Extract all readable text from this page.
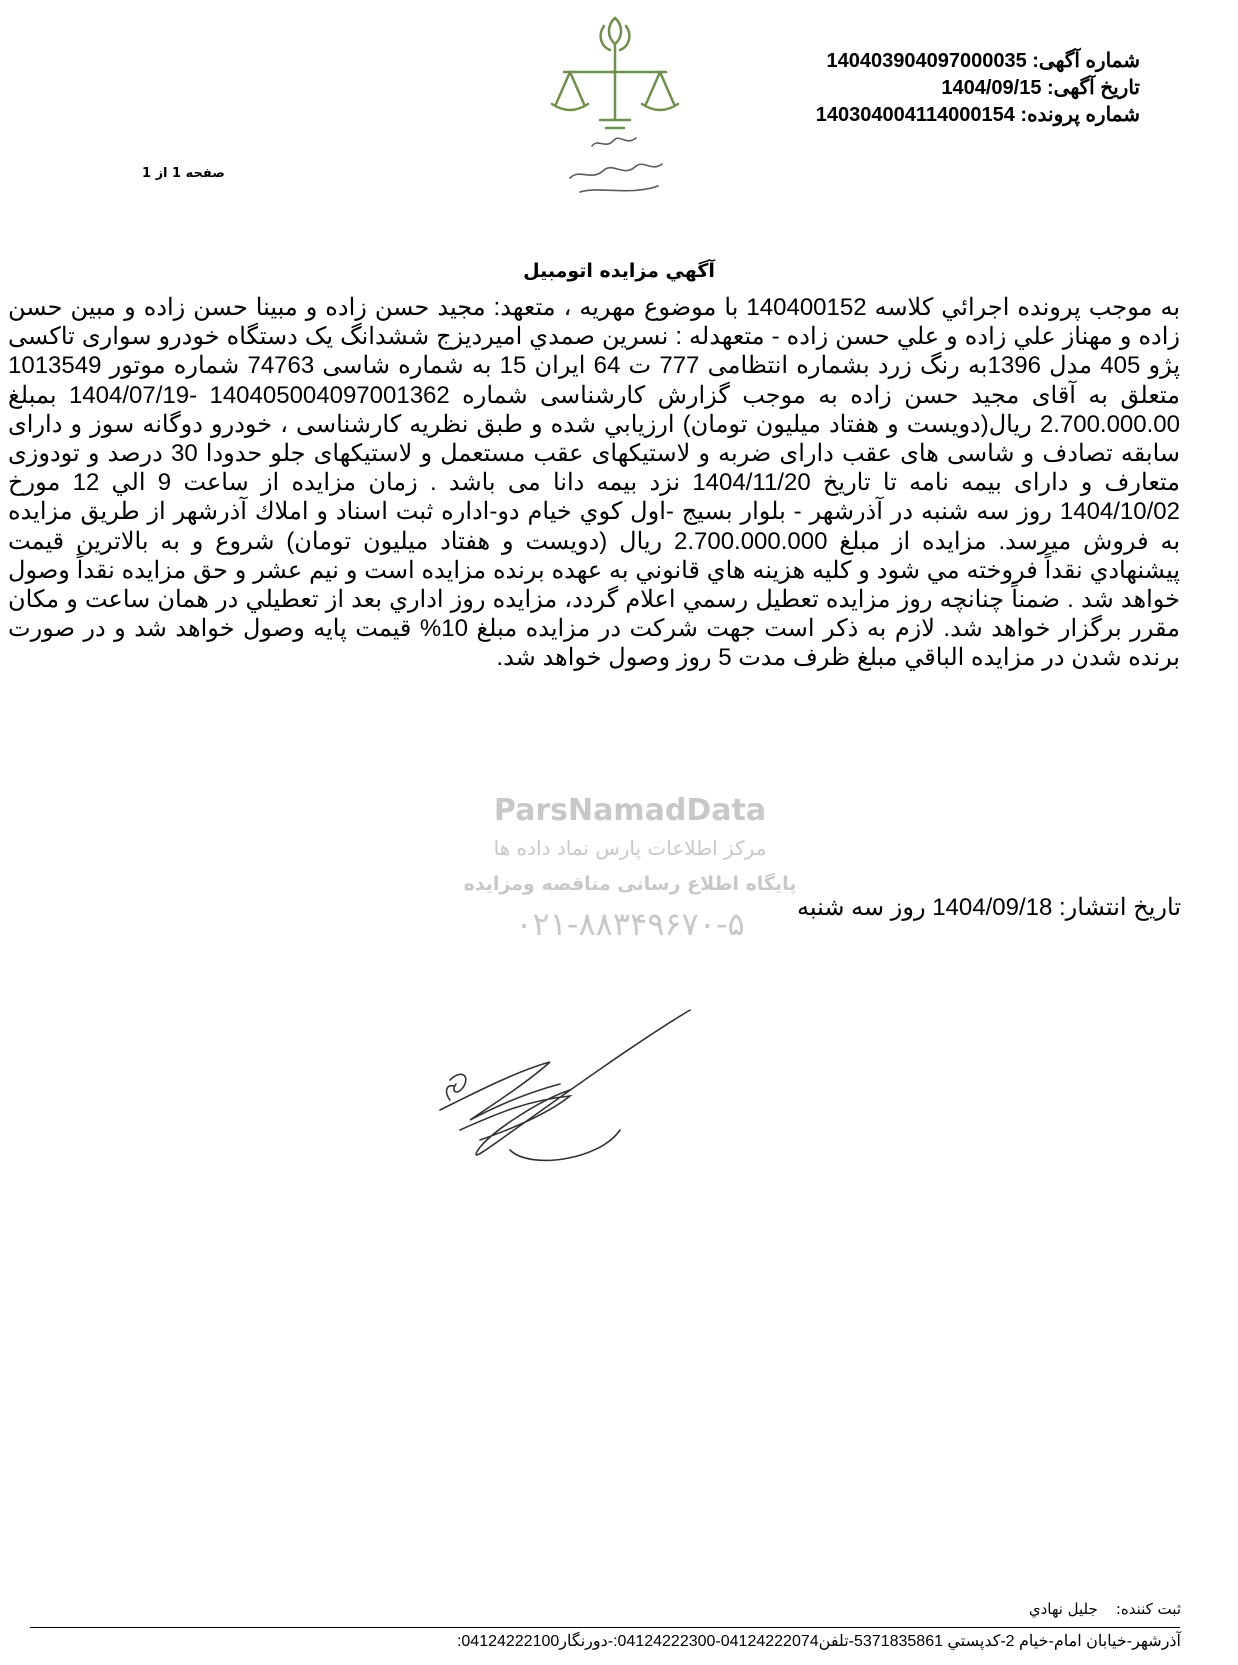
شماره آگهی: 140403904097000035
تاریخ آگهی: 1404/09/15
شماره پرونده: 140304004114000154
صفحه 1 از 1
ParsNamadData
مرکز اطلاعات پارس نماد داده ها
پایگاه اطلاع رسانی مناقصه ومزایده
۰۲۱-۸۸۳۴۹۶۷۰-۵
آگهي مزايده اتومبيل
به موجب پرونده اجرائي كلاسه 140400152 با موضوع مهریه ، متعهد: مجید حسن زاده و مبینا حسن زاده و مبین حسن زاده و مهناز علي زاده و علي حسن زاده - متعهدله : نسرين صمدي اميرديزج ششدانگ یک دستگاه خودرو سواری تاکسی پژو 405 مدل 1396به رنگ زرد بشماره انتظامی 777 ت 64 ایران 15 به شماره شاسی 74763 شماره موتور 1013549 متعلق به آقای مجید حسن زاده به موجب گزارش کارشناسی شماره 140405004097001362 -1404/07/19 بمبلغ 2.700.000.00 ريال(دویست و هفتاد میلیون تومان) ارزيابي شده و طبق نظریه کارشناسی ، خودرو دوگانه سوز و دارای سابقه تصادف و شاسی های عقب دارای ضربه و لاستیکهای عقب مستعمل و لاستیکهای جلو حدودا 30 درصد و تودوزی متعارف و دارای بیمه نامه تا تاریخ 1404/11/20 نزد بیمه دانا می باشد . زمان مزایده از ساعت 9 الي 12 مورخ 1404/10/02 روز سه شنبه در آذرشهر - بلوار بسیج -اول کوي خیام دو-اداره ثبت اسناد و املاك آذرشهر از طريق مزايده به فروش ميرسد. مزايده از مبلغ 2.700.000.000 ريال (دویست و هفتاد میلیون تومان) شروع و به بالاترين قيمت پيشنهادي نقداً فروخته مي شود و كليه هزينه هاي قانوني به عهده برنده مزايده است و نيم عشر و حق مزايده نقداً وصول خواهد شد . ضمناً چنانچه روز مزايده تعطيل رسمي اعلام گردد، مزايده روز اداري بعد از تعطيلي در همان ساعت و مكان مقرر برگزار خواهد شد. لازم به ذکر است جهت شرکت در مزایده مبلغ 10% قیمت پایه وصول خواهد شد و در صورت برنده شدن در مزایده الباقي مبلغ ظرف مدت 5 روز وصول خواهد شد.
تاریخ انتشار: 1404/09/18 روز سه شنبه
ثبت کننده:جلیل نهادي
آذرشهر-خيابان امام-خيام 2-كدپستي 5371835861-تلفن04124222074-04124222300:-دورنگار04124222100:
